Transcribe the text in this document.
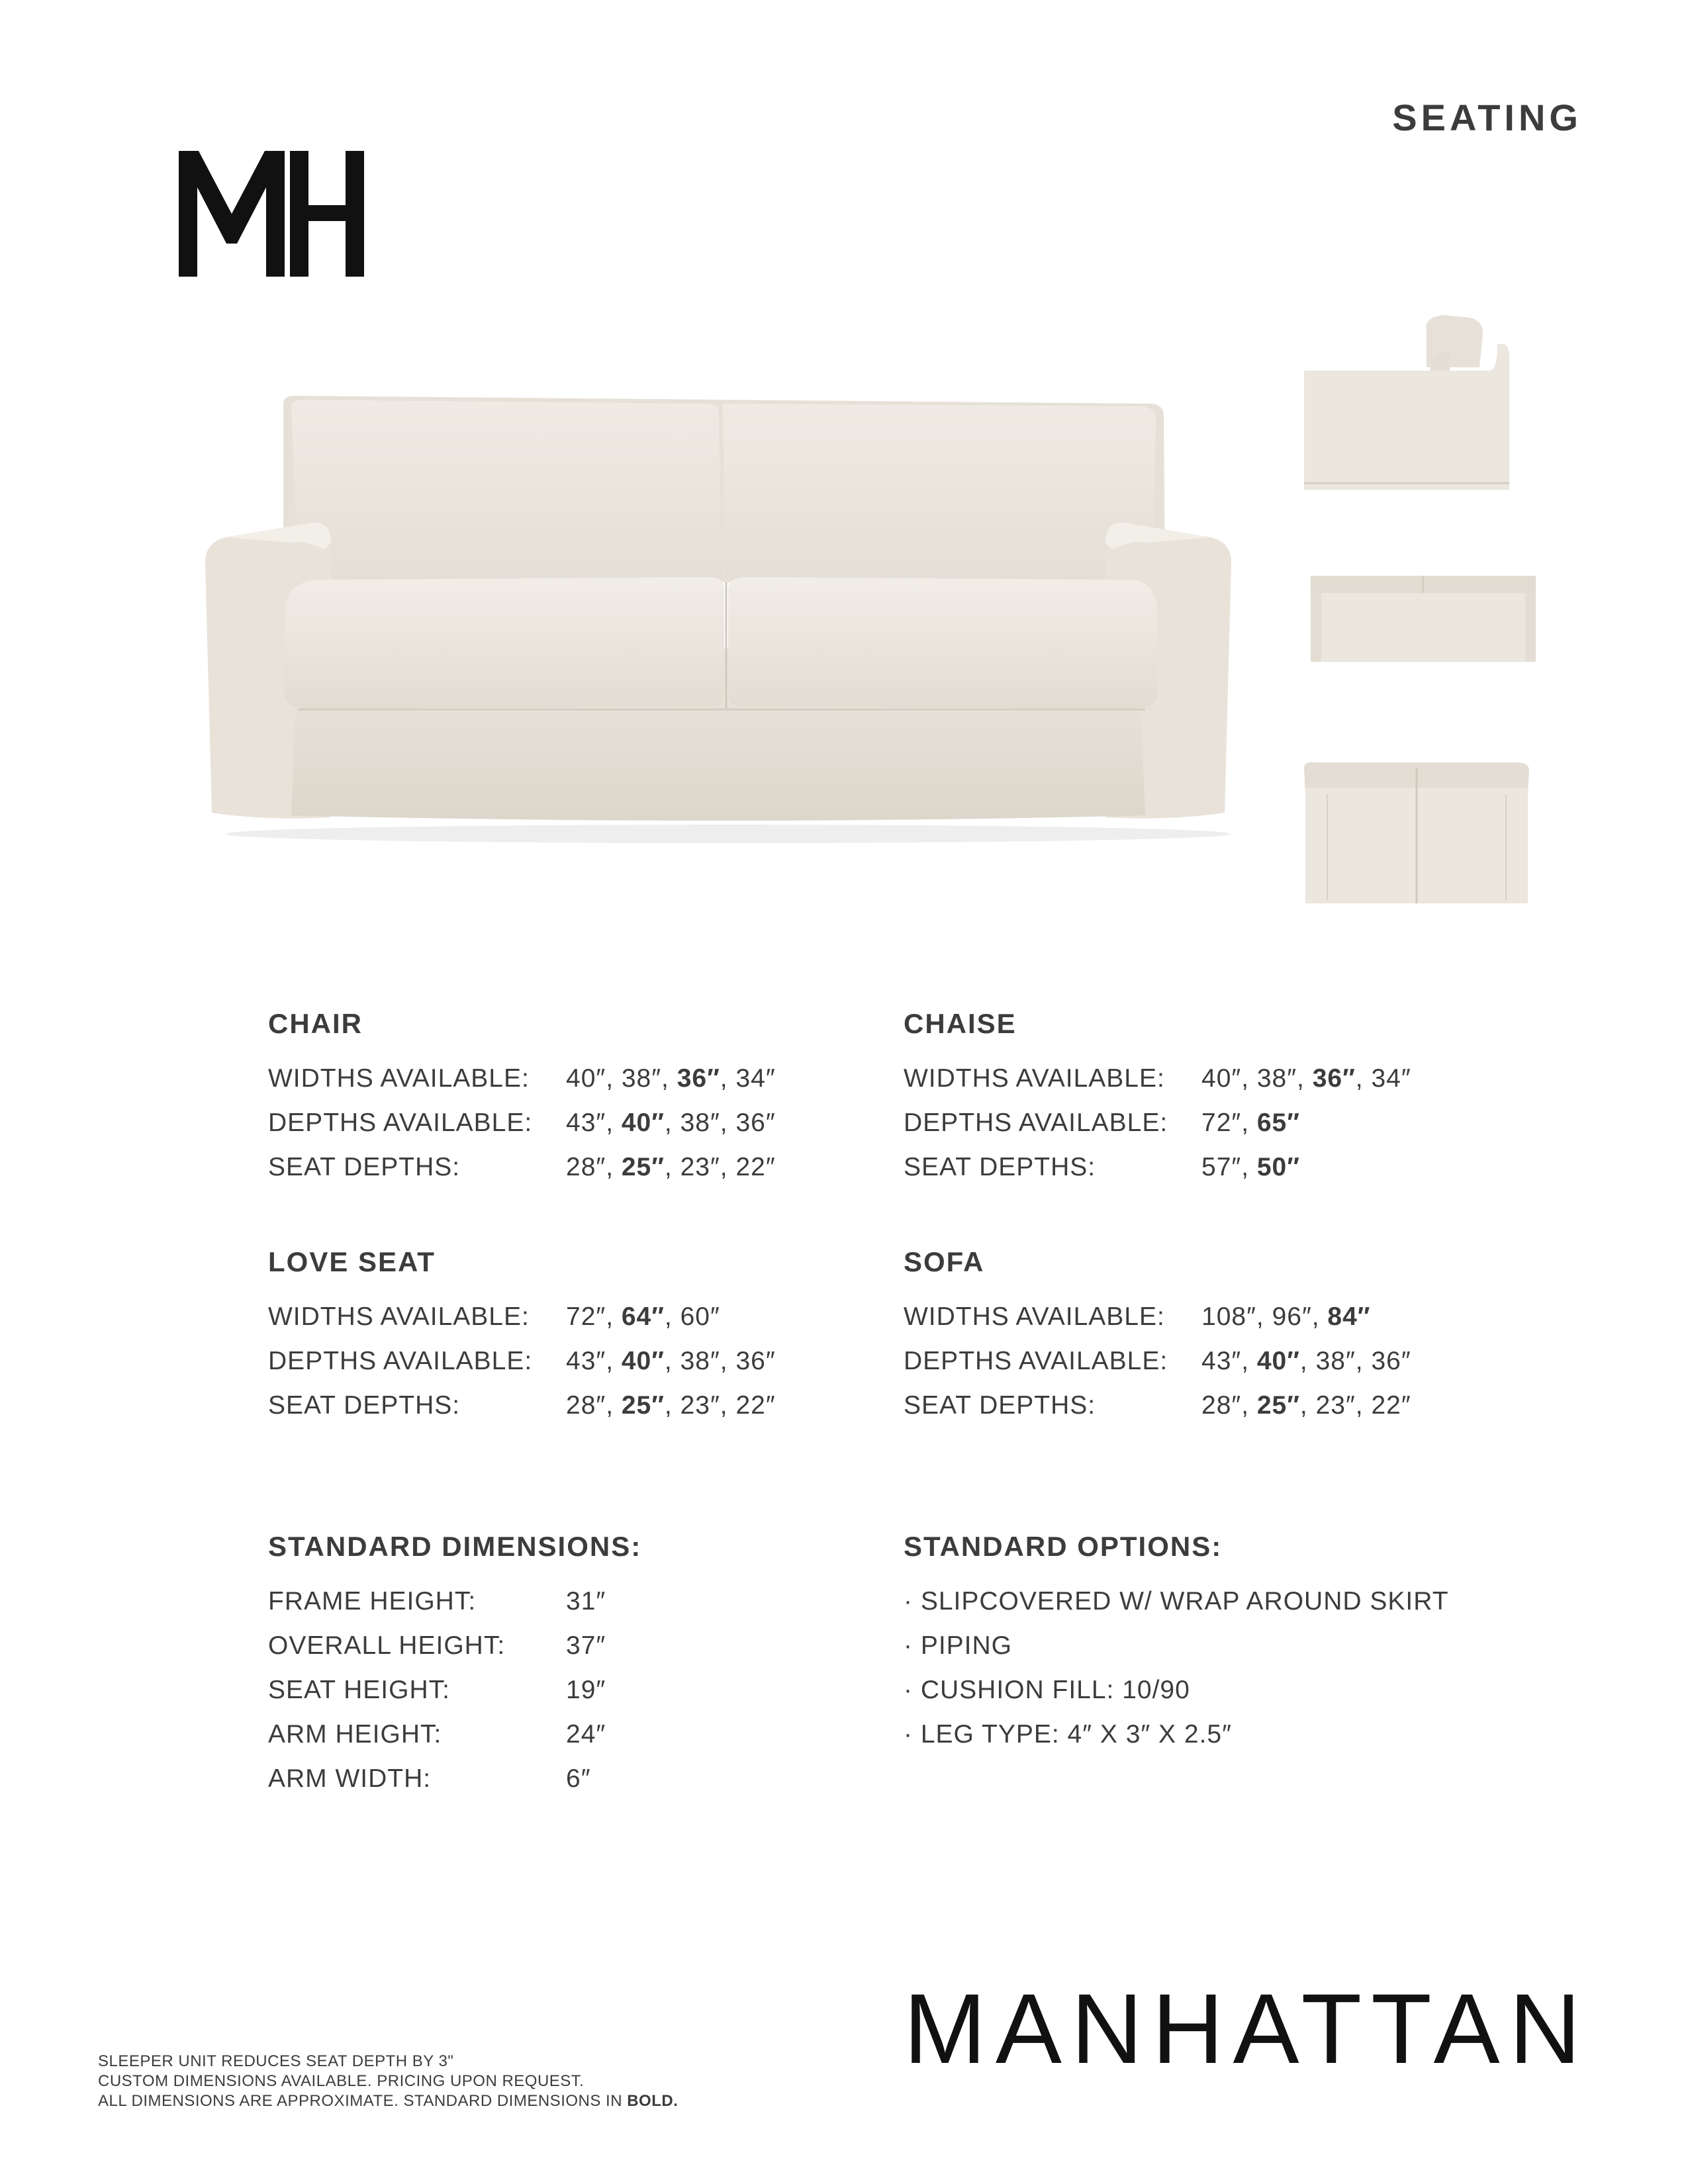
SEATING
CHAIR
WIDTHS AVAILABLE:	40″, 38″, 36″, 34″
DEPTHS AVAILABLE:	43″, 40″, 38″, 36″
SEAT DEPTHS:	28″, 25″, 23″, 22″
CHAISE
WIDTHS AVAILABLE:	40″, 38″, 36″, 34″
DEPTHS AVAILABLE:	72″, 65″
SEAT DEPTHS:	57″, 50″
LOVE SEAT
WIDTHS AVAILABLE:	72″, 64″, 60″
DEPTHS AVAILABLE:	43″, 40″, 38″, 36″
SEAT DEPTHS:	28″, 25″, 23″, 22″
SOFA
WIDTHS AVAILABLE:	108″, 96″, 84″
DEPTHS AVAILABLE:	43″, 40″, 38″, 36″
SEAT DEPTHS:	28″, 25″, 23″, 22″
STANDARD DIMENSIONS:
FRAME HEIGHT:	31″
OVERALL HEIGHT:	37″
SEAT HEIGHT:	19″
ARM HEIGHT:	24″
ARM WIDTH:	6″
STANDARD OPTIONS:
· SLIPCOVERED W/ WRAP AROUND SKIRT
· PIPING
· CUSHION FILL: 10/90
· LEG TYPE: 4″ X 3″ X 2.5″
MANHATTAN
SLEEPER UNIT REDUCES SEAT DEPTH BY 3"
CUSTOM DIMENSIONS AVAILABLE. PRICING UPON REQUEST.
ALL DIMENSIONS ARE APPROXIMATE. STANDARD DIMENSIONS IN BOLD.
